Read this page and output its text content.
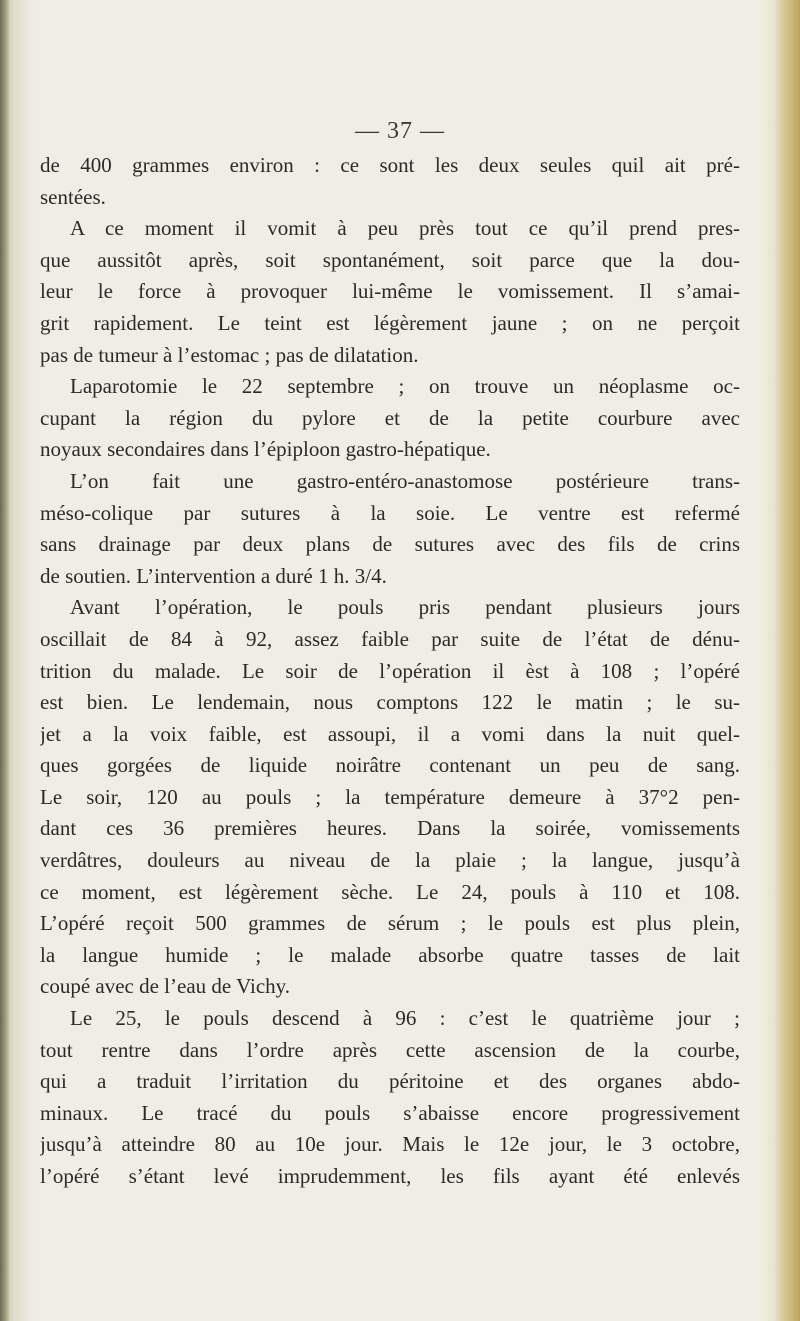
— 37 —
de 400 grammes environ : ce sont les deux seules quil ait pré-
sentées.
A ce moment il vomit à peu près tout ce qu’il prend pres-
que aussitôt après, soit spontanément, soit parce que la dou-
leur le force à provoquer lui-même le vomissement. Il s’amai-
grit rapidement. Le teint est légèrement jaune ; on ne perçoit
pas de tumeur à l’estomac ; pas de dilatation.
Laparotomie le 22 septembre ; on trouve un néoplasme oc-
cupant la région du pylore et de la petite courbure avec
noyaux secondaires dans l’épiploon gastro-hépatique.
L’on fait une gastro-entéro-anastomose postérieure trans-
méso-colique par sutures à la soie. Le ventre est refermé
sans drainage par deux plans de sutures avec des fils de crins
de soutien. L’intervention a duré 1 h. 3/4.
Avant l’opération, le pouls pris pendant plusieurs jours
oscillait de 84 à 92, assez faible par suite de l’état de dénu-
trition du malade. Le soir de l’opération il èst à 108 ; l’opéré
est bien. Le lendemain, nous comptons 122 le matin ; le su-
jet a la voix faible, est assoupi, il a vomi dans la nuit quel-
ques gorgées de liquide noirâtre contenant un peu de sang.
Le soir, 120 au pouls ; la température demeure à 37°2 pen-
dant ces 36 premières heures. Dans la soirée, vomissements
verdâtres, douleurs au niveau de la plaie ; la langue, jusqu’à
ce moment, est légèrement sèche. Le 24, pouls à 110 et 108.
L’opéré reçoit 500 grammes de sérum ; le pouls est plus plein,
la langue humide ; le malade absorbe quatre tasses de lait
coupé avec de l’eau de Vichy.
Le 25, le pouls descend à 96 : c’est le quatrième jour ;
tout rentre dans l’ordre après cette ascension de la courbe,
qui a traduit l’irritation du péritoine et des organes abdo-
minaux. Le tracé du pouls s’abaisse encore progressivement
jusqu’à atteindre 80 au 10e jour. Mais le 12e jour, le 3 octobre,
l’opéré s’étant levé imprudemment, les fils ayant été enlevés
